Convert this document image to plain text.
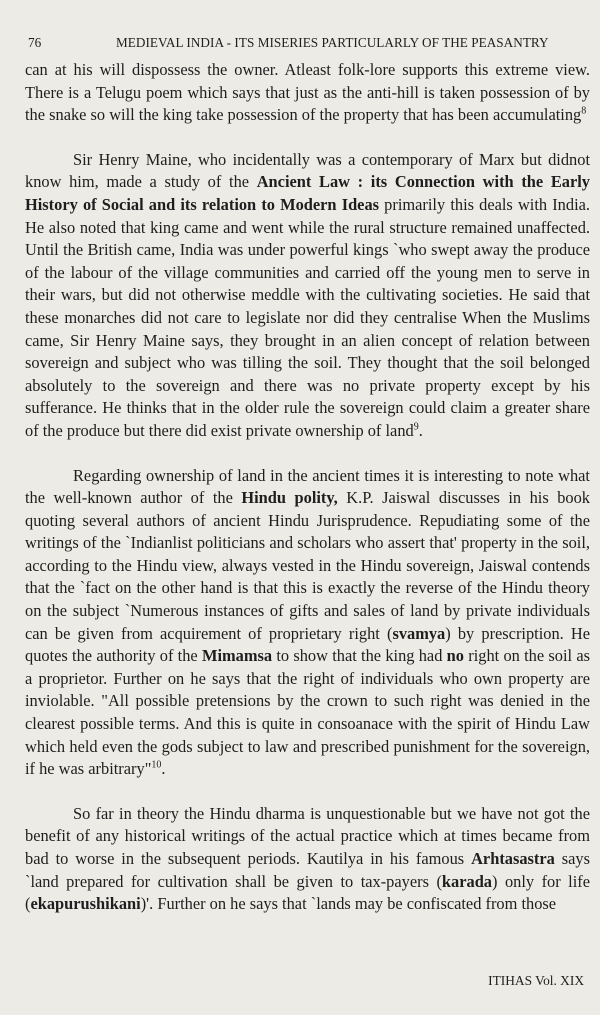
76	MEDIEVAL INDIA - ITS MISERIES PARTICULARLY OF THE PEASANTRY

can at his will dispossess the owner. Atleast folk-lore supports this extreme view. There is a Telugu poem which says that just as the anti-hill is taken possession of by the snake so will the king take possession of the property that has been accumulating$^8$

Sir Henry Maine, who incidentally was a contemporary of Marx but didnot know him, made a study of the Ancient Law : its Connection with the Early History of Social and its relation to Modern Ideas primarily this deals with India. He also noted that king came and went while the rural structure remained unaffected. Until the British came, India was under powerful kings `who swept away the produce of the labour of the village communities and carried off the young men to serve in their wars, but did not otherwise meddle with the cultivating societies. He said that these monarches did not care to legislate nor did they centralise When the Muslims came, Sir Henry Maine says, they brought in an alien concept of relation between sovereign and subject who was tilling the soil. They thought that the soil belonged absolutely to the sovereign and there was no private property except by his sufferance. He thinks that in the older rule the sovereign could claim a greater share of the produce but there did exist private ownership of land$^9$.

Regarding ownership of land in the ancient times it is interesting to note what the well-known author of the Hindu polity, K.P. Jaiswal discusses in his book quoting several authors of ancient Hindu Jurisprudence. Repudiating some of the writings of the `Indianlist politicians and scholars who assert that' property in the soil, according to the Hindu view, always vested in the Hindu sovereign, Jaiswal contends that the `fact on the other hand is that this is exactly the reverse of the Hindu theory on the subject `Numerous instances of gifts and sales of land by private individuals can be given from acquirement of proprietary right (svamya) by prescription. He quotes the authority of the Mimamsa to show that the king had no right on the soil as a proprietor. Further on he says that the right of individuals who own property are inviolable. "All possible pretensions by the crown to such right was denied in the clearest possible terms. And this is quite in consoanace with the spirit of Hindu Law which held even the gods subject to law and prescribed punishment for the sovereign, if he was arbitrary"$^{10}$.

So far in theory the Hindu dharma is unquestionable but we have not got the benefit of any historical writings of the actual practice which at times became from bad to worse in the subsequent periods. Kautilya in his famous Arhtasastra says `land prepared for cultivation shall be given to tax-payers (karada) only for life (ekapurushikani)'. Further on he says that `lands may be confiscated from those

ITIHAS Vol. XIX
